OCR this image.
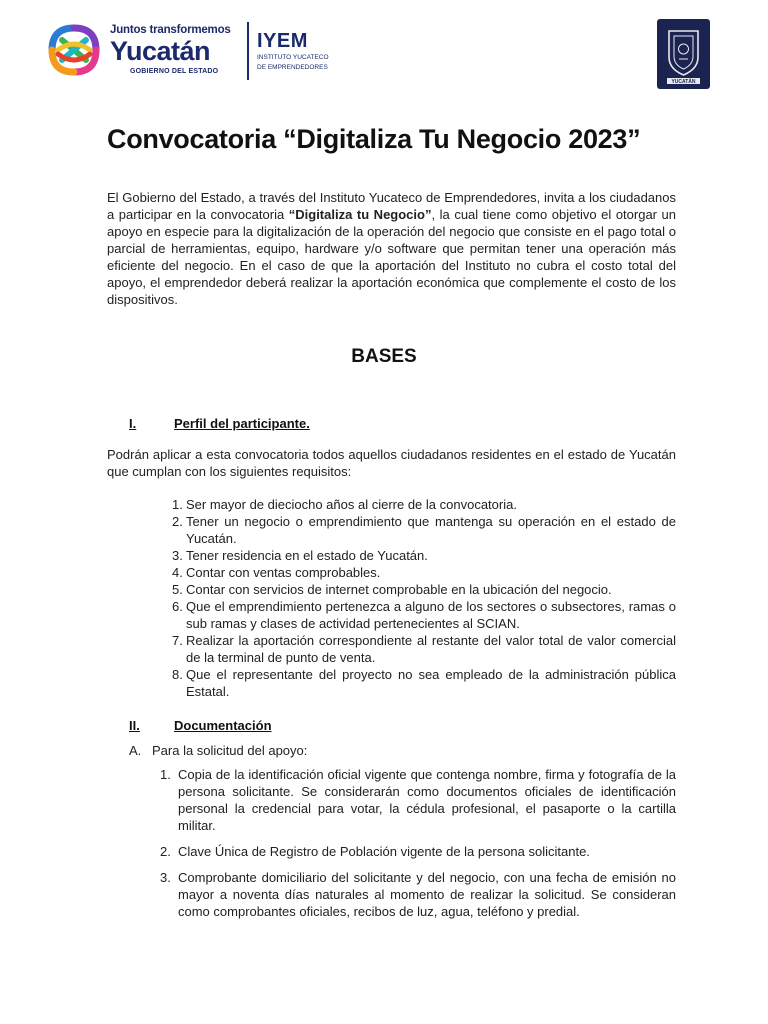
Juntos transformemos
Yucatán
GOBIERNO DEL ESTADO
IYEM
INSTITUTO YUCATECO
DE EMPRENDEDORES
YUCATÁN
Convocatoria “Digitaliza Tu Negocio 2023”

El Gobierno del Estado, a través del Instituto Yucateco de Emprendedores, invita a los ciudadanos a participar en la convocatoria “Digitaliza tu Negocio”, la cual tiene como objetivo el otorgar un apoyo en especie para la digitalización de la operación del negocio que consiste en el pago total o parcial de herramientas, equipo, hardware y/o software que permitan tener una operación más eficiente del negocio. En el caso de que la aportación del Instituto no cubra el costo total del apoyo, el emprendedor deberá realizar la aportación económica que complemente el costo de los dispositivos.

BASES
I.	Perfil del participante.

Podrán aplicar a esta convocatoria todos aquellos ciudadanos residentes en el estado de Yucatán que cumplan con los siguientes requisitos:

1. Ser mayor de dieciocho años al cierre de la convocatoria.
2. Tener un negocio o emprendimiento que mantenga su operación en el estado de Yucatán.
3. Tener residencia en el estado de Yucatán.
4. Contar con ventas comprobables.
5. Contar con servicios de internet comprobable en la ubicación del negocio.
6. Que el emprendimiento pertenezca a alguno de los sectores o subsectores, ramas o sub ramas y clases de actividad pertenecientes al SCIAN.
7. Realizar la aportación correspondiente al restante del valor total de valor comercial de la terminal de punto de venta.
8. Que el representante del proyecto no sea empleado de la administración pública Estatal.
II.	Documentación
A. Para la solicitud del apoyo:
1. Copia de la identificación oficial vigente que contenga nombre, firma y fotografía de la persona solicitante. Se considerarán como documentos oficiales de identificación personal la credencial para votar, la cédula profesional, el pasaporte o la cartilla militar.
2. Clave Única de Registro de Población vigente de la persona solicitante.
3. Comprobante domiciliario del solicitante y del negocio, con una fecha de emisión no mayor a noventa días naturales al momento de realizar la solicitud. Se consideran como comprobantes oficiales, recibos de luz, agua, teléfono y predial.
